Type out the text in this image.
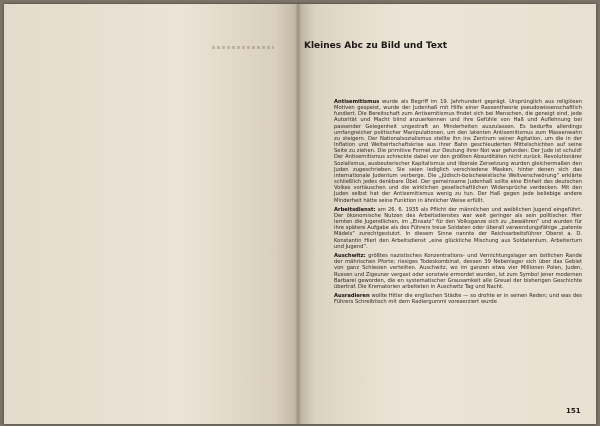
Kleines Abc zu Bild und Text

Antisemitismus wurde als Begriff im 19. Jahrhundert geprägt. Ursprünglich aus religiösen Motiven gespeist, wurde der Judenhaß mit Hilfe einer Rassentheorie pseudowissenschaftlich fundiert. Die Bereitschaft zum Antisemitismus findet sich bei Menschen, die geneigt sind, jede Autorität und Macht blind anzuerkennen und ihre Gefühle von Haß und Auflehnung bei passender Gelegenheit ungestraft an Minderheiten auszulassen. Es bedurfte allerdings umfangreicher politischer Manipulationen, um den latenten Antisemitismus zum Massenwahn zu steigern. Der Nationalsozialismus stellte ihn ins Zentrum seiner Agitation, um die in der Inflation und Weltwirtschaftskrise aus ihrer Bahn geschleuderten Mittelschichten auf seine Seite zu ziehen. Die primitive Formel zur Deutung ihrer Not war gefunden: Der Jude ist schuld! Der Antisemitismus schreckte dabei vor den größten Absurditäten nicht zurück. Revolutionärer Sozialismus, ausbeuterischer Kapitalismus und liberale Zersetzung wurden gleichermaßen den Juden zugeschrieben. Sie seien lediglich verschiedene Masken, hinter denen sich das internationale Judentum verberge. Die „Jüdisch-bolschewistische Weltverschwörung“ erklärte schließlich jedes denkbare Übel. Der gemeinsame Judenhaß sollte eine Einheit des deutschen Volkes vortäuschen und die wirklichen gesellschaftlichen Widersprüche verdecken. Mit den Juden selbst hat der Antisemitismus wenig zu tun. Der Haß gegen jede beliebige andere Minderheit hätte seine Funktion in ähnlicher Weise erfüllt.

Arbeitsdienst: am 26. 6. 1935 als Pflicht der männlichen und weiblichen Jugend eingeführt. Der ökonomische Nutzen des Arbeitsdienstes war weit geringer als sein politischer. Hier lernten die Jugendlichen, im „Einsatz“ für den Volksganze sich zu „bewähren“ und wurden für ihre spätere Aufgabe als des Führers treue Soldaten oder überall verwendungsfähige „patente Mädels“ zurechtgestutzt. In diesem Sinne nannte der Reichsarbeitsführer Oberst a. D. Konstantin Hierl den Arbeitsdienst „eine glückliche Mischung aus Soldatentum, Arbeitertum und Jugend“.

Auschwitz: größtes nazistisches Konzentrations- und Vernichtungslager am östlichen Rande der mährischen Pforte; riesiges Todeskombinat, dessen 39 Nebenlager sich über das Gebiet von ganz Schlesien verteilten. Auschwitz, wo im ganzen etwa vier Millionen Polen, Juden, Russen und Zigeuner vergast oder sonstwie ermordet wurden, ist zum Symbol jener modernen Barbarei geworden, die en systematischer Grausamkeit alle Greuel der bisherigen Geschichte übertraf. Die Krematorien arbeiteten in Auschwitz Tag und Nacht.

Ausradieren wollte Hitler die englischen Städte — so drohte er in seinen Reden; und was des Führers Schreibtisch mit dem Radiergummi vorexerziert wurde

151
